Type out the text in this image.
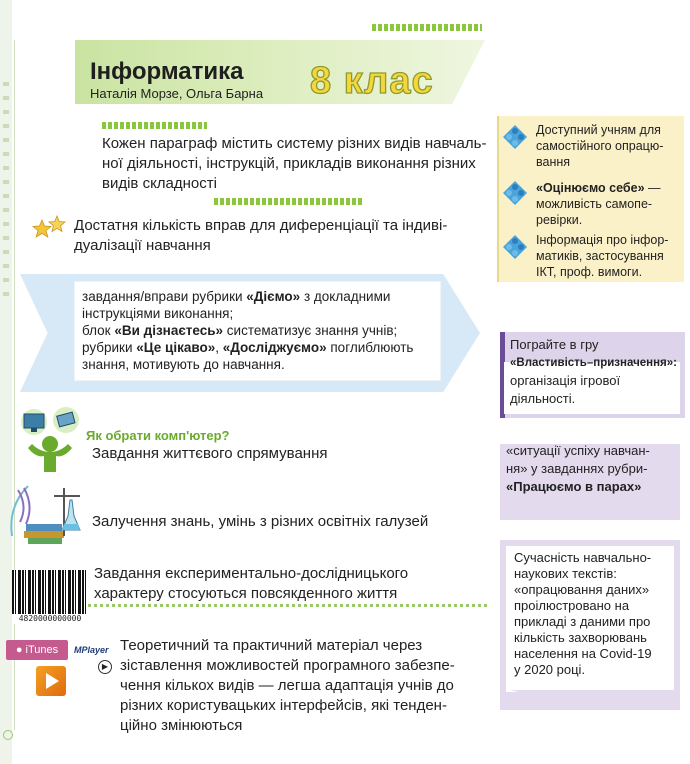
Інформатика
Наталія Морзе, Ольга Барна 8 клас
Кожен параграф містить систему різних видів навчаль-
ної діяльності, інструкцій, прикладів виконання різних
видів складності
Достатня кількість вправ для диференціації та індиві-
дуалізації навчання
Доступний учням для
самостійного опрацю-
вання
«Оцінюємо себе» —
можливість самопе-
ревірки.
Інформація про інфор-
матиків, застосування
ІКТ, проф. вимоги.
завдання/вправи рубрики «Діємо» з докладними
інструкціями виконання;
блок «Ви дізнаєтесь» систематизує знання учнів;
рубрики «Це цікаво», «Досліджуємо» поглиблюють
знання, мотивують до навчання.
Пограйте в гру
«Властивість–призначення»:
організація ігрової
діяльності.
Як обрати комп'ютер?
Завдання життєвого спрямування	«ситуації успіху навчан-
ня» у завданнях рубри-
«Працюємо в парах»
Залучення знань, умінь з різних освітніх галузей
Сучасність навчально-
наукових текстів:
«опрацювання даних»
проілюстровано на
прикладі з даними про
кількість захворювань
населення на Covid-19
у 2020 році.
4820000000000
Завдання експериментально-дослідницького
характеру стосуються повсякденного життя
● iTunes	MPlayer
▶
Теоретичний та практичний матеріал через
зіставлення можливостей програмного забезпе-
чення кількох видів — легша адаптація учнів до
різних користувацьких інтерфейсів, які тенден-
ційно змінюються
